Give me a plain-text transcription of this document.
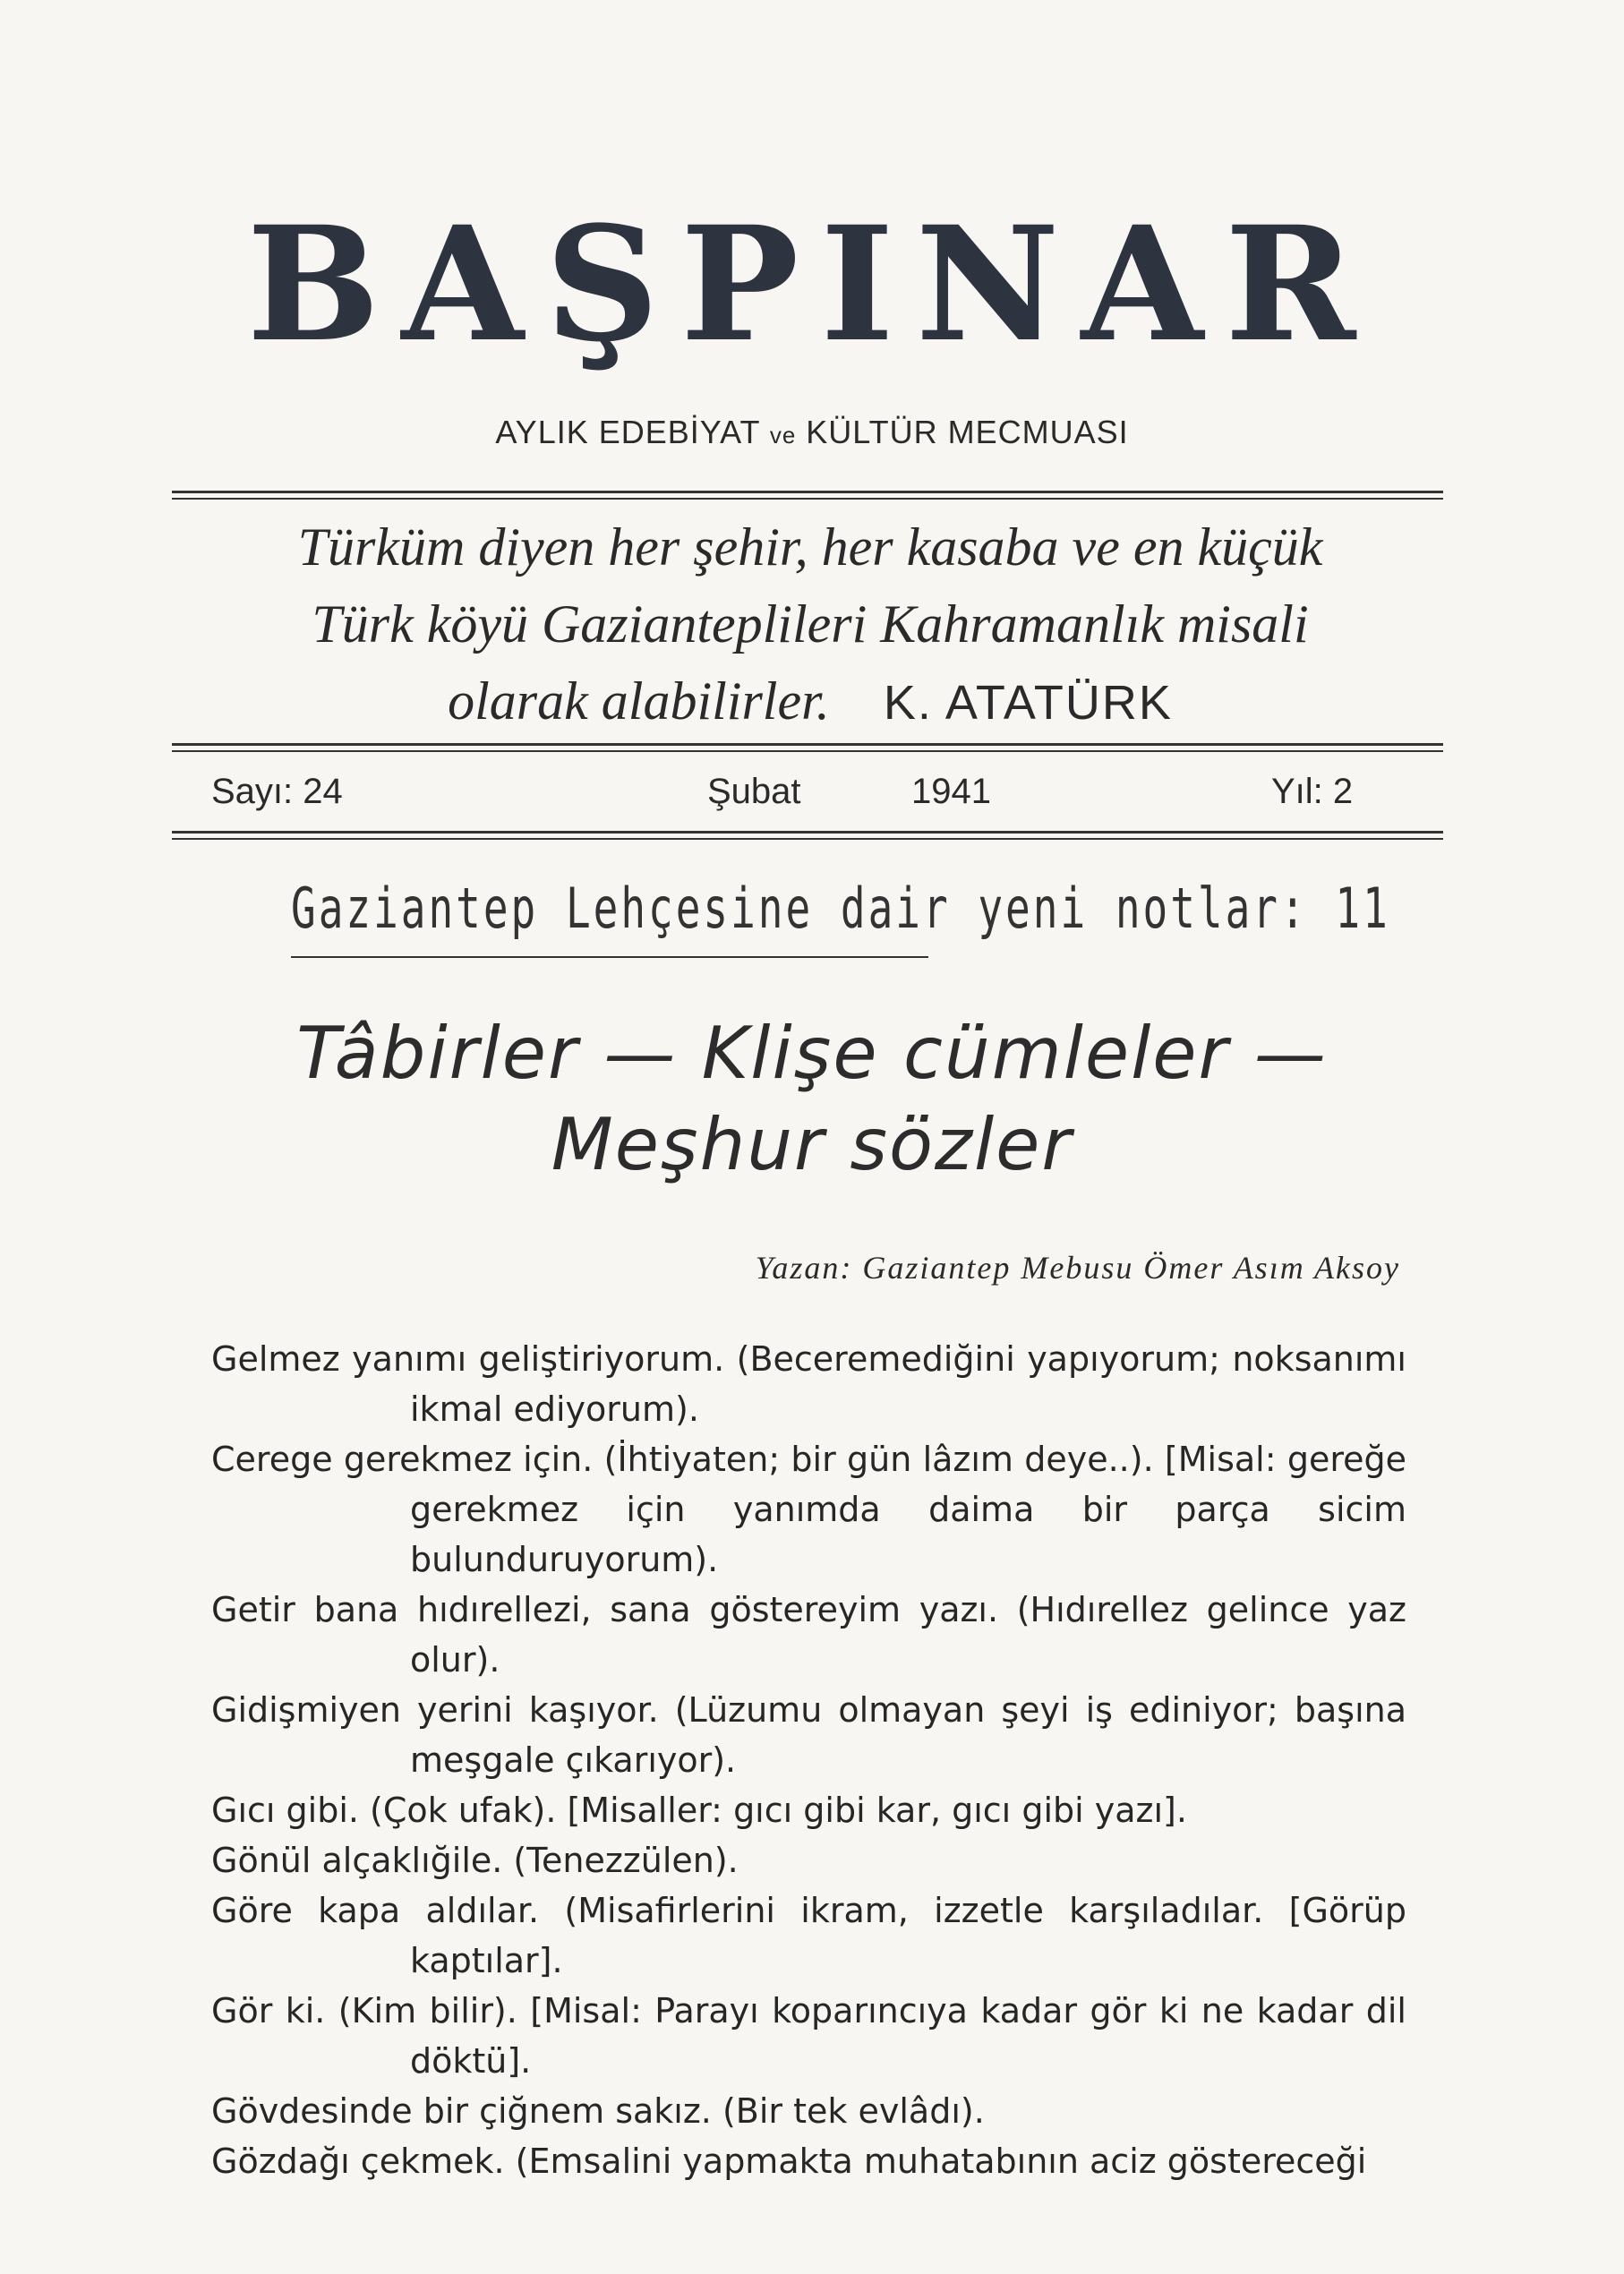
BAŞPINAR
AYLIK EDEBİYAT ve KÜLTÜR MECMUASI
Türküm diyen her şehir, her kasaba ve en küçük
Türk köyü Gazianteplileri Kahramanlık misali
olarak alabilirler. K. ATATÜRK
Sayı: 24	Şubat	1941	Yıl: 2
Gaziantep Lehçesine dair yeni notlar: 11
Tâbirler — Klişe cümleler —
Meşhur sözler
Yazan: Gaziantep Mebusu Ömer Asım Aksoy

Gelmez yanımı geliştiriyorum. (Beceremediğini yapıyorum; noksanımı ikmal ediyorum).

Cerege gerekmez için. (İhtiyaten; bir gün lâzım deye..). [Misal: gereğe gerekmez için yanımda daima bir parça sicim bulunduruyorum).

Getir bana hıdırellezi, sana göstereyim yazı. (Hıdırellez gelince yaz olur).

Gidişmiyen yerini kaşıyor. (Lüzumu olmayan şeyi iş ediniyor; başına meşgale çıkarıyor).

Gıcı gibi. (Çok ufak). [Misaller: gıcı gibi kar, gıcı gibi yazı].

Gönül alçaklığile. (Tenezzülen).

Göre kapa aldılar. (Misafirlerini ikram, izzetle karşıladılar. [Görüp kaptılar].

Gör ki. (Kim bilir). [Misal: Parayı koparıncıya kadar gör ki ne kadar dil döktü].

Gövdesinde bir çiğnem sakız. (Bir tek evlâdı).

Gözdağı çekmek. (Emsalini yapmakta muhatabının aciz göstereceği
